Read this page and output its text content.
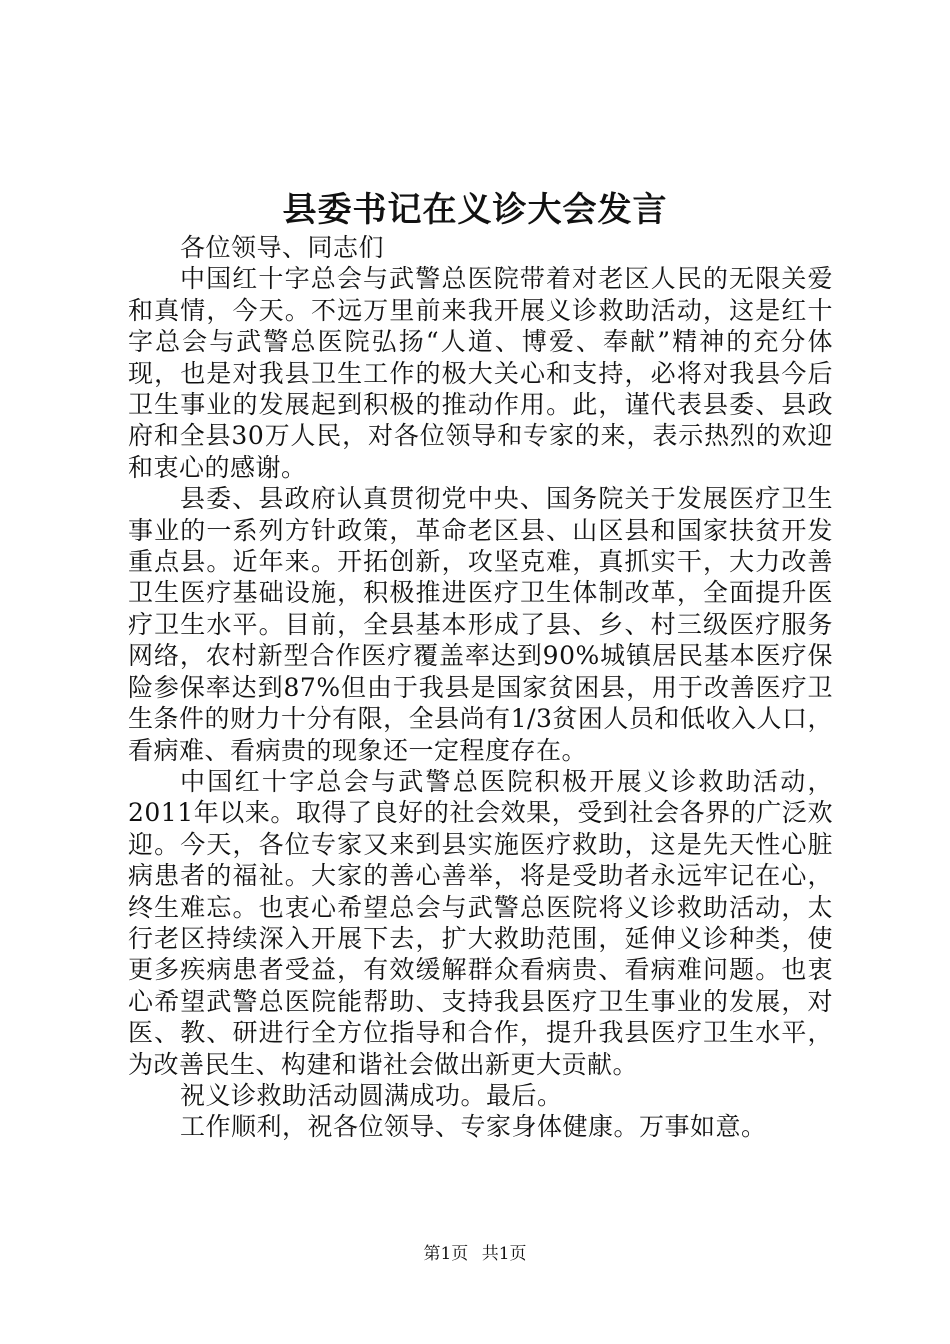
县委书记在义诊大会发言

各位领导、同志们

中国红十字总会与武警总医院带着对老区人民的无限关爱和真情，今天。不远万里前来我开展义诊救助活动，这是红十字总会与武警总医院弘扬“人道、博爱、奉献”精神的充分体现，也是对我县卫生工作的极大关心和支持，必将对我县今后卫生事业的发展起到积极的推动作用。此，谨代表县委、县政府和全县30万人民，对各位领导和专家的来，表示热烈的欢迎和衷心的感谢。

县委、县政府认真贯彻党中央、国务院关于发展医疗卫生事业的一系列方针政策，革命老区县、山区县和国家扶贫开发重点县。近年来。开拓创新，攻坚克难，真抓实干，大力改善卫生医疗基础设施，积极推进医疗卫生体制改革，全面提升医疗卫生水平。目前，全县基本形成了县、乡、村三级医疗服务网络，农村新型合作医疗覆盖率达到90%城镇居民基本医疗保险参保率达到87%但由于我县是国家贫困县，用于改善医疗卫生条件的财力十分有限，全县尚有1/3贫困人员和低收入人口，看病难、看病贵的现象还一定程度存在。

中国红十字总会与武警总医院积极开展义诊救助活动，2011年以来。取得了良好的社会效果，受到社会各界的广泛欢迎。今天，各位专家又来到县实施医疗救助，这是先天性心脏病患者的福祉。大家的善心善举，将是受助者永远牢记在心，终生难忘。也衷心希望总会与武警总医院将义诊救助活动，太行老区持续深入开展下去，扩大救助范围，延伸义诊种类，使更多疾病患者受益，有效缓解群众看病贵、看病难问题。也衷心希望武警总医院能帮助、支持我县医疗卫生事业的发展，对医、教、研进行全方位指导和合作，提升我县医疗卫生水平，为改善民生、构建和谐社会做出新更大贡献。

祝义诊救助活动圆满成功。最后。

工作顺利，祝各位领导、专家身体健康。万事如意。

第1页 共1页
